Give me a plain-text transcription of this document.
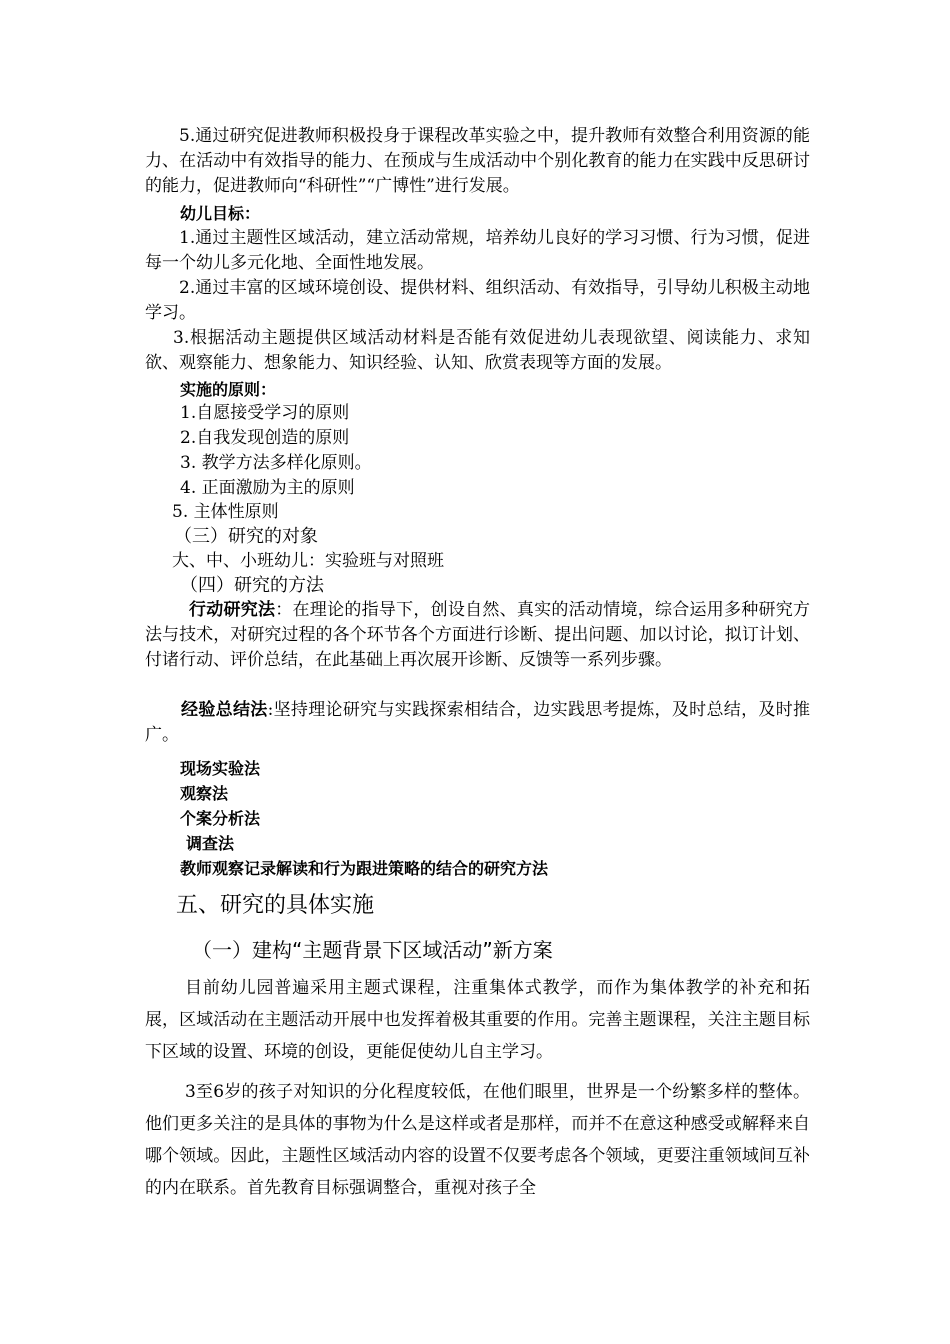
5.通过研究促进教师积极投身于课程改革实验之中，提升教师有效整合利用资源的能力、在活动中有效指导的能力、在预成与生成活动中个别化教育的能力在实践中反思研讨的能力，促进教师向“科研性”“广博性”进行发展。

幼儿目标：

1.通过主题性区域活动，建立活动常规，培养幼儿良好的学习习惯、行为习惯，促进每一个幼儿多元化地、全面性地发展。

2.通过丰富的区域环境创设、提供材料、组织活动、有效指导，引导幼儿积极主动地学习。

3.根据活动主题提供区域活动材料是否能有效促进幼儿表现欲望、阅读能力、求知欲、观察能力、想象能力、知识经验、认知、欣赏表现等方面的发展。

实施的原则：
1.自愿接受学习的原则
2.自我发现创造的原则
3. 教学方法多样化原则。
4. 正面激励为主的原则
5. 主体性原则
（三）研究的对象
大、中、小班幼儿：实验班与对照班
（四）研究的方法

行动研究法：在理论的指导下，创设自然、真实的活动情境，综合运用多种研究方法与技术，对研究过程的各个环节各个方面进行诊断、提出问题、加以讨论，拟订计划、付诸行动、评价总结，在此基础上再次展开诊断、反馈等一系列步骤。

经验总结法:坚持理论研究与实践探索相结合，边实践思考提炼，及时总结，及时推广。

现场实验法
观察法
个案分析法
调查法
教师观察记录解读和行为跟进策略的结合的研究方法
五、研究的具体实施
（一）建构“主题背景下区域活动”新方案

目前幼儿园普遍采用主题式课程，注重集体式教学，而作为集体教学的补充和拓展，区域活动在主题活动开展中也发挥着极其重要的作用。完善主题课程，关注主题目标下区域的设置、环境的创设，更能促使幼儿自主学习。

3至6岁的孩子对知识的分化程度较低，在他们眼里，世界是一个纷繁多样的整体。他们更多关注的是具体的事物为什么是这样或者是那样，而并不在意这种感受或解释来自哪个领域。因此，主题性区域活动内容的设置不仅要考虑各个领域，更要注重领域间互补的内在联系。首先教育目标强调整合，重视对孩子全
